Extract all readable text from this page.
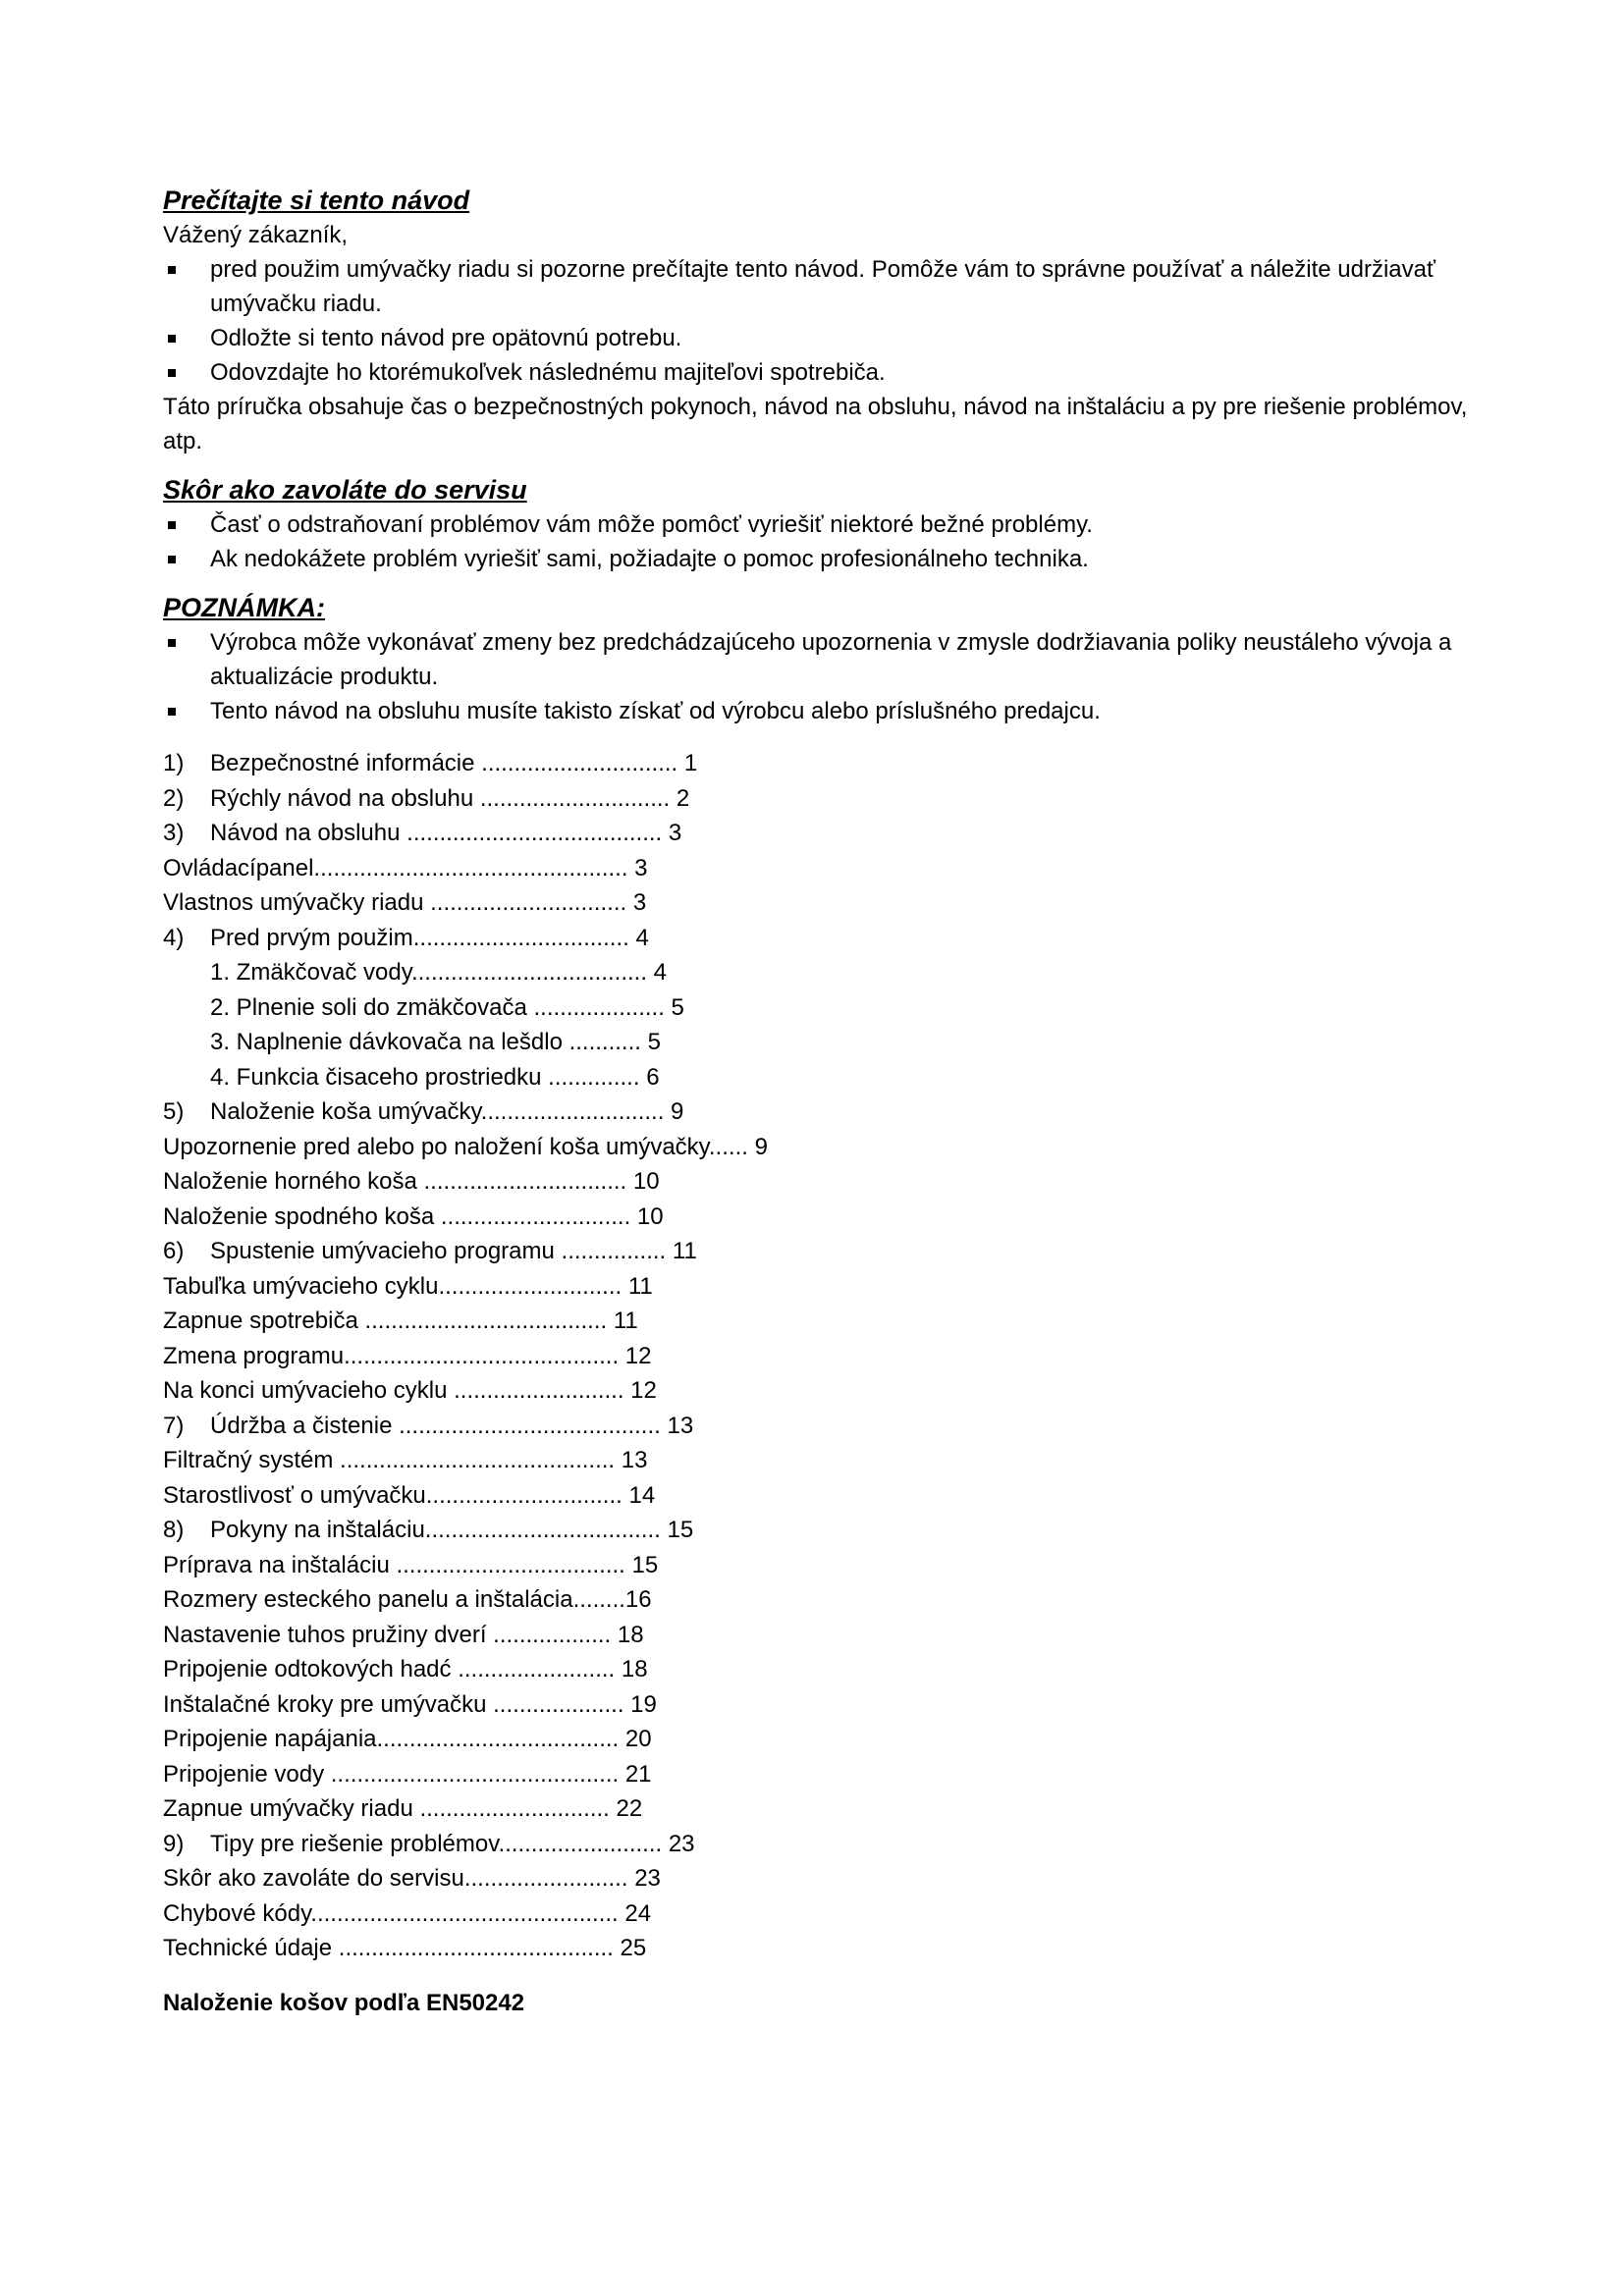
Prečítajte si tento návod

Vážený zákazník,

pred použim umývačky riadu si pozorne prečítajte tento návod. Pomôže vám to správne používať a náležite udržiavať umývačku riadu.
Odložte si tento návod pre opätovnú potrebu.
Odovzdajte ho ktorémukoľvek následnému majiteľovi spotrebiča.

Táto príručka obsahuje čas o bezpečnostných pokynoch, návod na obsluhu, návod na inštaláciu a py pre riešenie problémov, atp.

Skôr ako zavoláte do servisu
Časť o odstraňovaní problémov vám môže pomôcť vyriešiť niektoré bežné problémy.
Ak nedokážete problém vyriešiť sami, požiadajte o pomoc profesionálneho technika.
POZNÁMKA:
Výrobca môže vykonávať zmeny bez predchádzajúceho upozornenia v zmysle dodržiavania poliky neustáleho vývoja a aktualizácie produktu.
Tento návod na obsluhu musíte takisto získať od výrobcu alebo príslušného predajcu.
1) Bezpečnostné informácie .............................. 1
2) Rýchly návod na obsluhu ............................. 2
3) Návod na obsluhu ....................................... 3
Ovládacípanel................................................ 3
Vlastnos umývačky riadu .............................. 3
4) Pred prvým použim................................. 4
1. Zmäkčovač vody.................................... 4
2. Plnenie soli do zmäkčovača .................... 5
3. Naplnenie dávkovača na lešdlo ........... 5
4. Funkcia čisaceho prostriedku .............. 6
5) Naloženie koša umývačky............................ 9
Upozornenie pred alebo po naložení koša umývačky...... 9
Naloženie horného koša ............................... 10
Naloženie spodného koša ............................. 10
6) Spustenie umývacieho programu ................ 11
Tabuľka umývacieho cyklu............................ 11
Zapnue spotrebiča ..................................... 11
Zmena programu.......................................... 12
Na konci umývacieho cyklu .......................... 12
7) Údržba a čistenie ........................................ 13
Filtračný systém .......................................... 13
Starostlivosť o umývačku.............................. 14
8) Pokyny na inštaláciu.................................... 15
Príprava na inštaláciu ................................... 15
Rozmery esteckého panelu a inštalácia........16
Nastavenie tuhos pružiny dverí .................. 18
Pripojenie odtokových hadć ........................ 18
Inštalačné kroky pre umývačku .................... 19
Pripojenie napájania..................................... 20
Pripojenie vody ............................................ 21
Zapnue umývačky riadu ............................. 22
9) Tipy pre riešenie problémov......................... 23
Skôr ako zavoláte do servisu......................... 23
Chybové kódy............................................... 24
Technické údaje .......................................... 25
Naloženie košov podľa EN50242
